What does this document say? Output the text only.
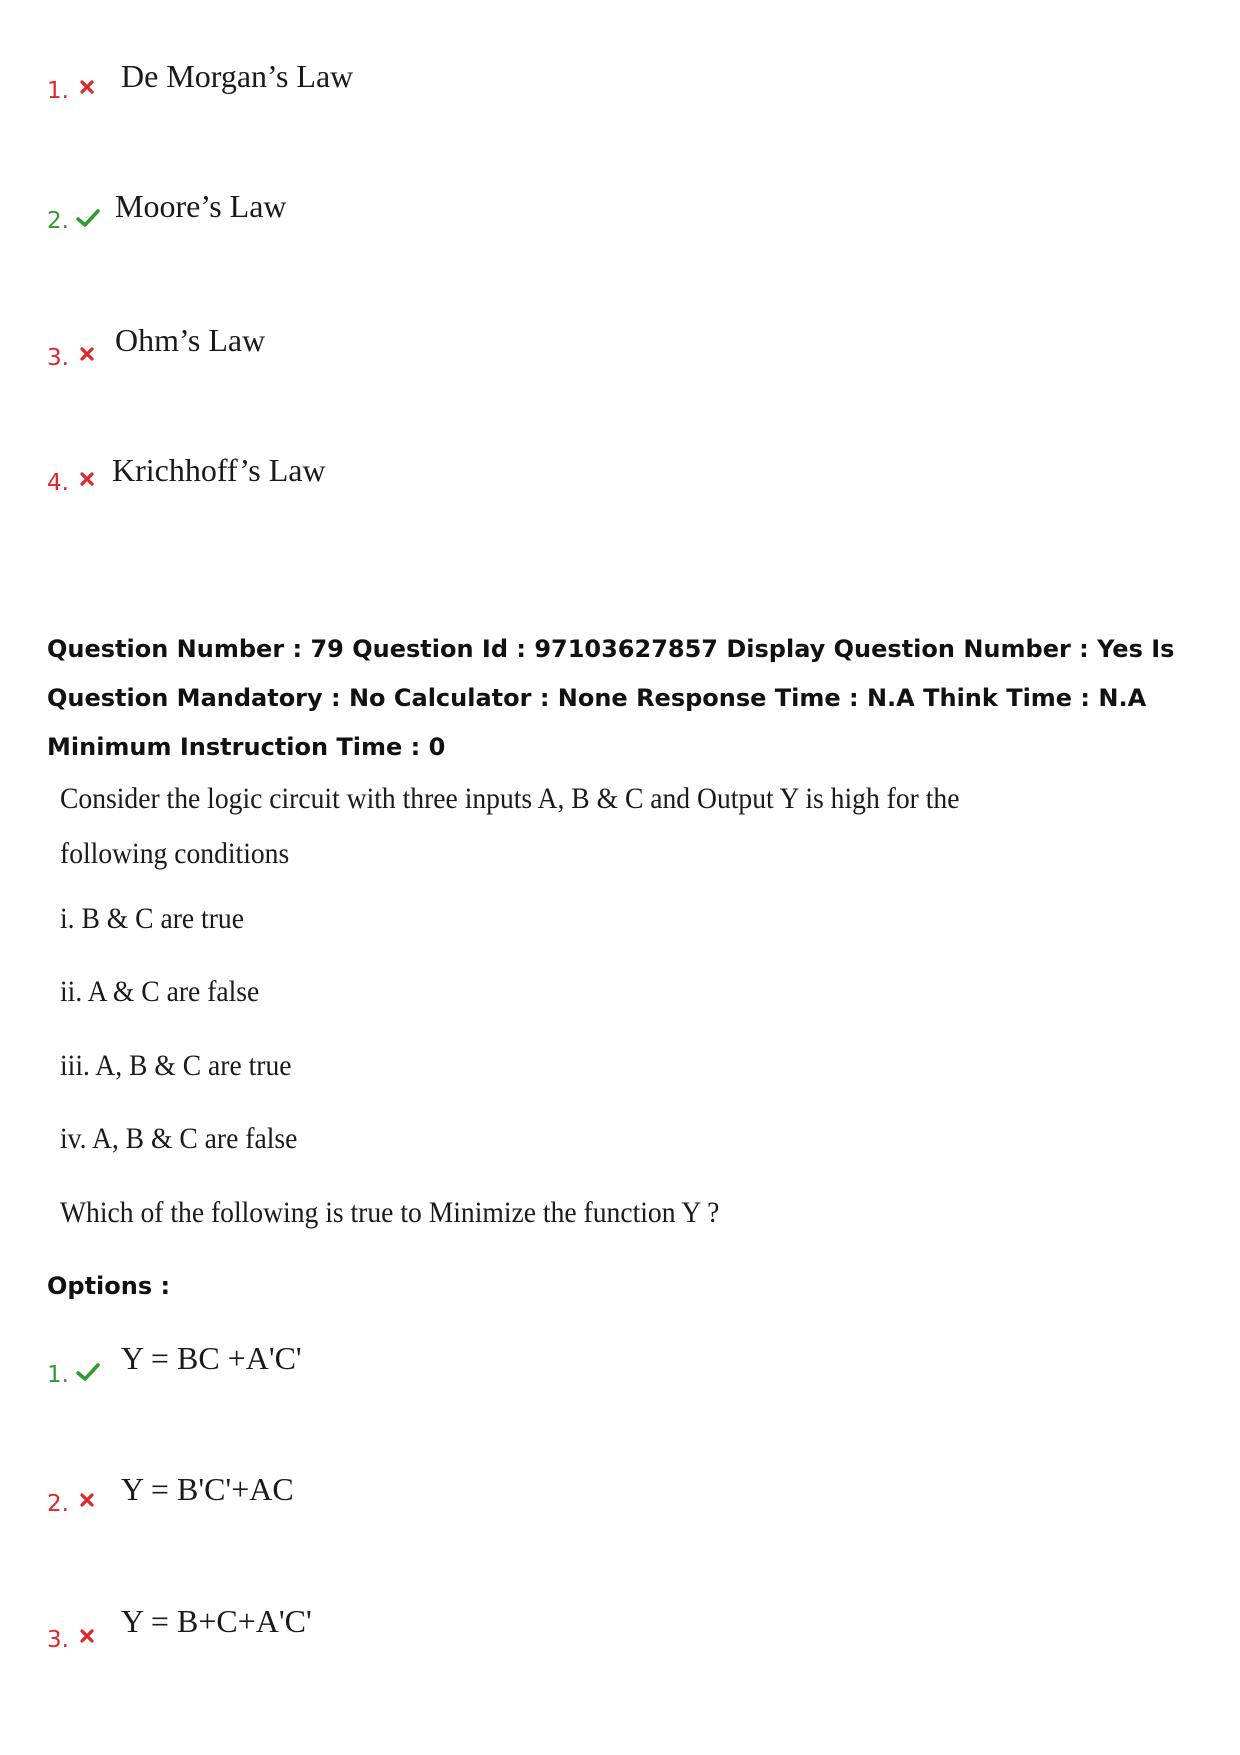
1. De Morgan’s Law
2. Moore’s Law
3. Ohm’s Law
4. Krichhoff’s Law
Question Number : 79 Question Id : 97103627857 Display Question Number : Yes Is Question Mandatory : No Calculator : None Response Time : N.A Think Time : N.A Minimum Instruction Time : 0
Consider the logic circuit with three inputs A, B & C and Output Y is high for the
following conditions
i. B & C are true
ii. A & C are false
iii. A, B & C are true
iv. A, B & C are false
Which of the following is true to Minimize the function Y ?
Options :
1. Y = BC +A'C'
2. Y = B'C'+AC
3.
Y = B+C+A'C'
